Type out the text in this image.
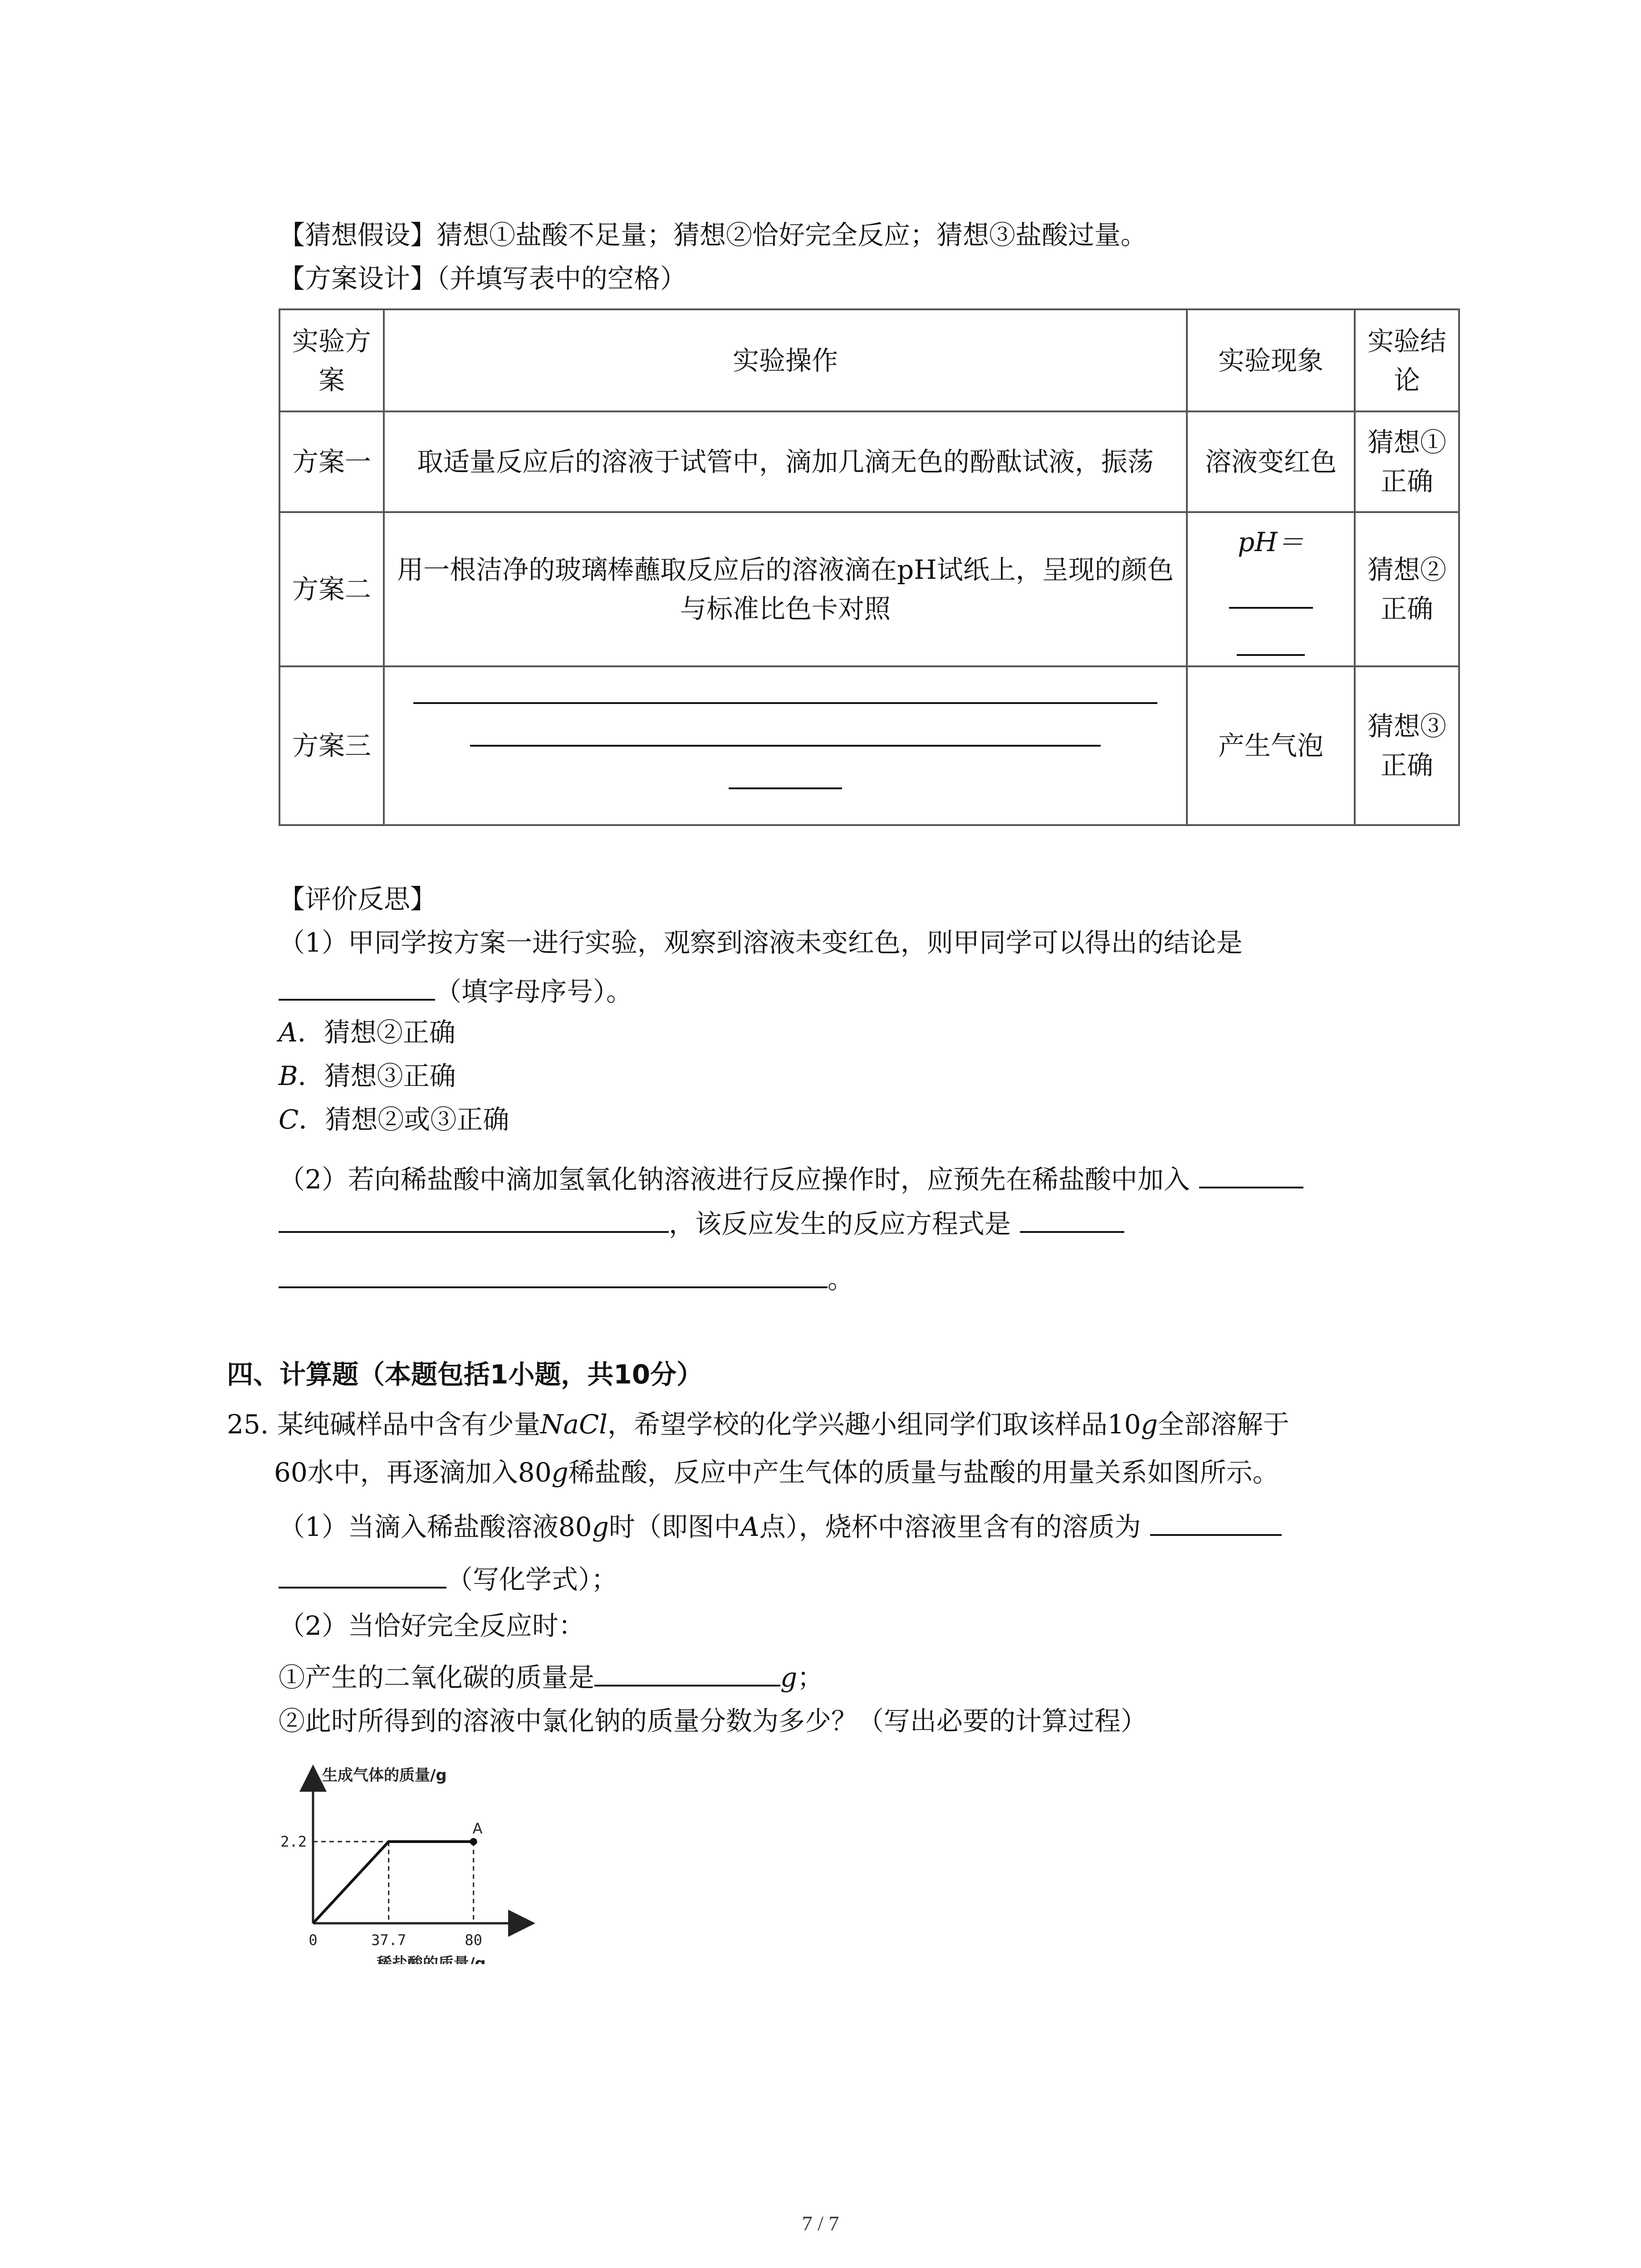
【猜想假设】猜想①盐酸不足量；猜想②恰好完全反应；猜想③盐酸过量。
【方案设计】（并填写表中的空格）
实验方案	实验操作	实验现象	实验结论
方案一	取适量反应后的溶液于试管中，滴加几滴无色的酚酞试液，振荡	溶液变红色	猜想①正确
方案二	用一根洁净的玻璃棒蘸取反应后的溶液滴在pH试纸上，呈现的颜色与标准比色卡对照	pH＝	猜想②正确
方案三		产生气泡	猜想③正确
【评价反思】
（1）甲同学按方案一进行实验，观察到溶液未变红色，则甲同学可以得出的结论是
（填字母序号）。
A．猜想②正确
B．猜想③正确
C．猜想②或③正确
（2）若向稀盐酸中滴加氢氧化钠溶液进行反应操作时，应预先在稀盐酸中加入
，该反应发生的反应方程式是
。
四、计算题（本题包括1小题，共10分）
25. 某纯碱样品中含有少量NaCl，希望学校的化学兴趣小组同学们取该样品10g全部溶解于
60水中，再逐滴加入80g稀盐酸，反应中产生气体的质量与盐酸的用量关系如图所示。
（1）当滴入稀盐酸溶液80g时（即图中A点），烧杯中溶液里含有的溶质为
（写化学式）；
（2）当恰好完全反应时：
①产生的二氧化碳的质量是	g；
②此时所得到的溶液中氯化钠的质量分数为多少？（写出必要的计算过程）
生成气体的质量/g
稀盐酸的质量/g
0	37.7	80
2.2
A
7 / 7
